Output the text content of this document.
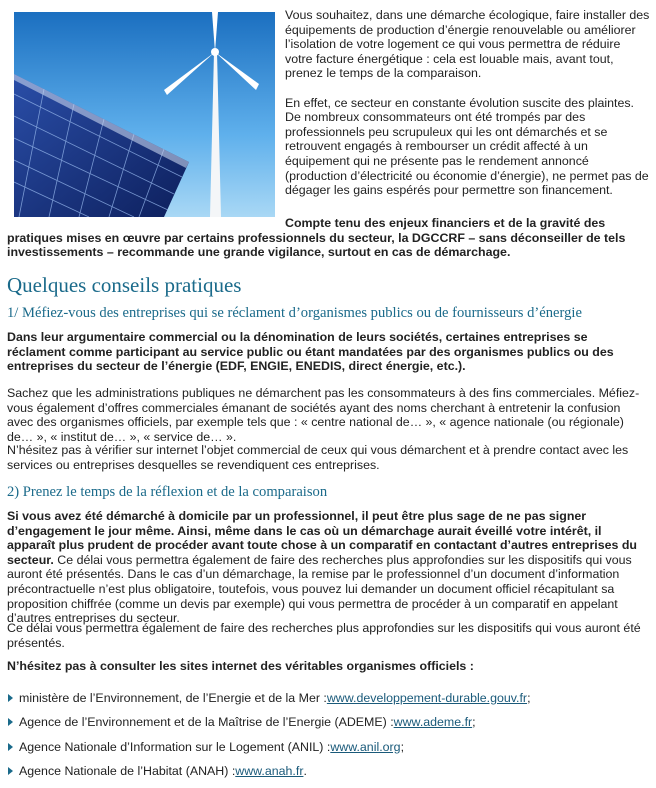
Vous souhaitez, dans une démarche écologique, faire installer des équipements de production d’énergie renouvelable ou améliorer l’isolation de votre logement ce qui vous permettra de réduire votre facture énergétique : cela est louable mais, avant tout, prenez le temps de la comparaison.

En effet, ce secteur en constante évolution suscite des plaintes. De nombreux consommateurs ont été trompés par des professionnels peu scrupuleux qui les ont démarchés et se retrouvent engagés à rembourser un crédit affecté à un équipement qui ne présente pas le rendement annoncé (production d’électricité ou économie d’énergie), ne permet pas de dégager les gains espérés pour permettre son financement.

Compte tenu des enjeux financiers et de la gravité des pratiques mises en œuvre par certains professionnels du secteur, la DGCCRF – sans déconseiller de tels investissements – recommande une grande vigilance, surtout en cas de démarchage.

Quelques conseils pratiques
1/ Méfiez-vous des entreprises qui se réclament d’organismes publics ou de fournisseurs d’énergie

Dans leur argumentaire commercial ou la dénomination de leurs sociétés, certaines entreprises se réclament comme participant au service public ou étant mandatées par des organismes publics ou des entreprises du secteur de l’énergie (EDF, ENGIE, ENEDIS, direct énergie, etc.).

Sachez que les administrations publiques ne démarchent pas les consommateurs à des fins commerciales. Méfiez-vous également d’offres commerciales émanant de sociétés ayant des noms cherchant à entretenir la confusion avec des organismes officiels, par exemple tels que : « centre national de… », « agence nationale (ou régionale) de… », « institut de… », « service de… ».

N’hésitez pas à vérifier sur internet l’objet commercial de ceux qui vous démarchent et à prendre contact avec les services ou entreprises desquelles se revendiquent ces entreprises.

2) Prenez le temps de la réflexion et de la comparaison

Si vous avez été démarché à domicile par un professionnel, il peut être plus sage de ne pas signer d’engagement le jour même. Ainsi, même dans le cas où un démarchage aurait éveillé votre intérêt, il apparaît plus prudent de procéder avant toute chose à un comparatif en contactant d’autres entreprises du secteur. Ce délai vous permettra également de faire des recherches plus approfondies sur les dispositifs qui vous auront été présentés. Dans le cas d’un démarchage, la remise par le professionnel d’un document d’information précontractuelle n’est plus obligatoire, toutefois, vous pouvez lui demander un document officiel récapitulant sa proposition chiffrée (comme un devis par exemple) qui vous permettra de procéder à un comparatif en appelant d’autres entreprises du secteur.

Ce délai vous permettra également de faire des recherches plus approfondies sur les dispositifs qui vous auront été présentés.

N’hésitez pas à consulter les sites internet des véritables organismes officiels :

ministère de l’Environnement, de l’Energie et de la Mer : www.developpement-durable.gouv.fr ;
Agence de l’Environnement et de la Maîtrise de l’Energie (ADEME) : www.ademe.fr ;
Agence Nationale d’Information sur le Logement (ANIL) : www.anil.org ;
Agence Nationale de l’Habitat (ANAH) : www.anah.fr .
